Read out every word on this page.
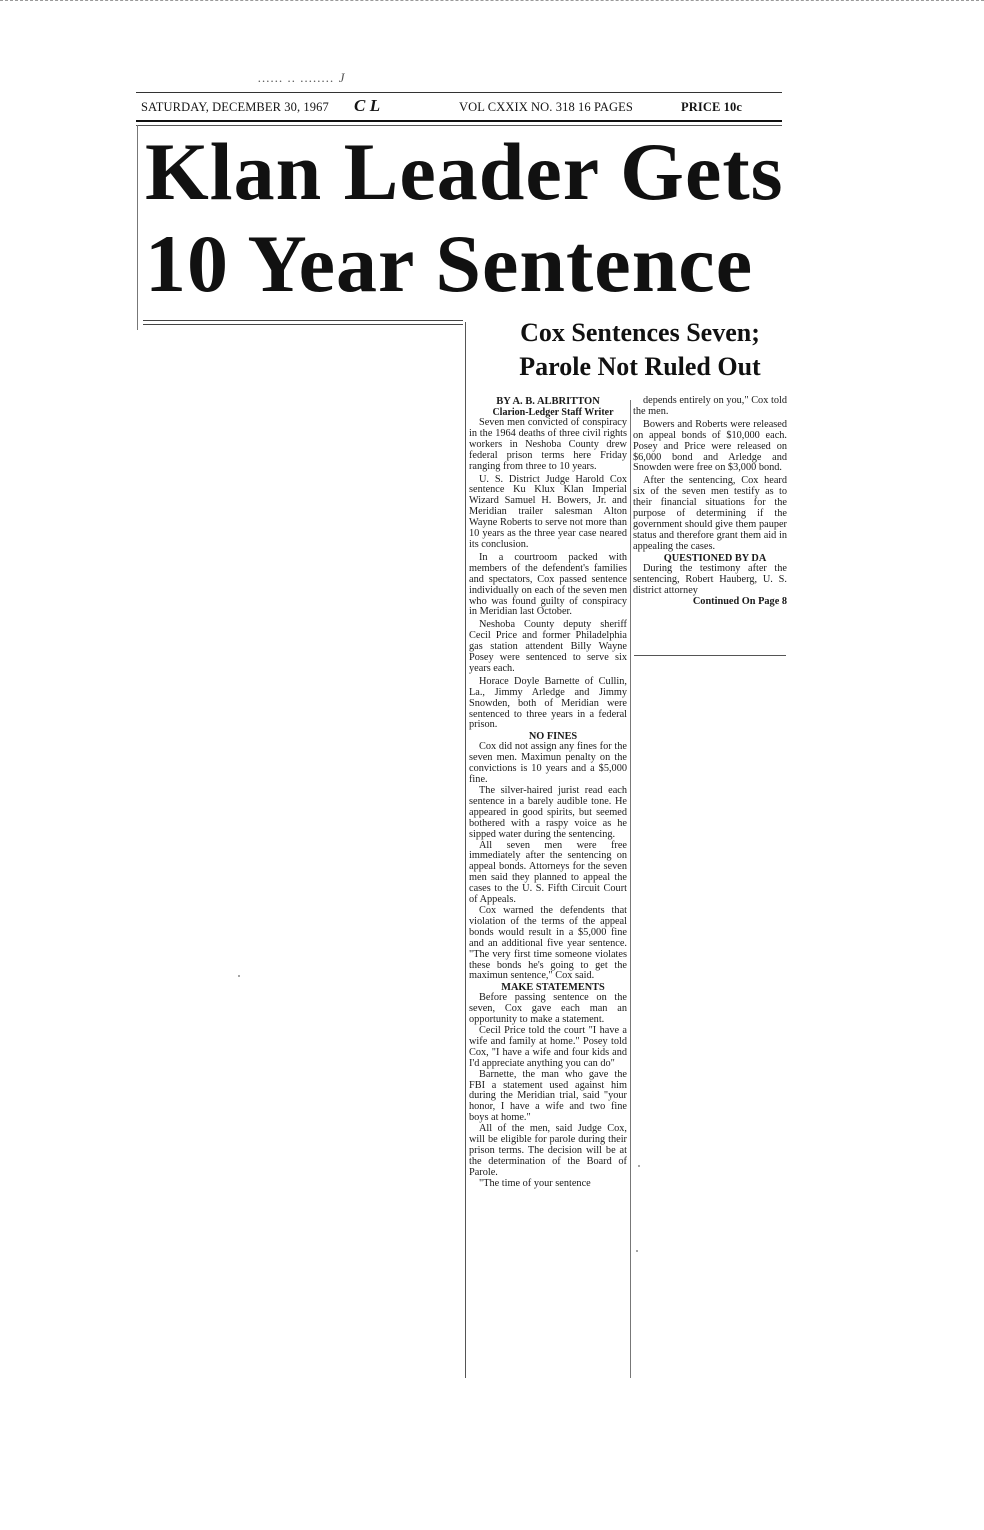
...... .. ........ J
SATURDAY, DECEMBER 30, 1967 C L	VOL CXXIX NO. 318 16 PAGES	PRICE 10c
Klan Leader Gets
10 Year Sentence
Cox Sentences Seven;
Parole Not Ruled Out

BY A. B. ALBRITTON

Clarion-Ledger Staff Writer

Seven men convicted of conspiracy in the 1964 deaths of three civil rights workers in Neshoba County drew federal prison terms here Friday ranging from three to 10 years.

U. S. District Judge Harold Cox sentence Ku Klux Klan Imperial Wizard Samuel H. Bowers, Jr. and Meridian trailer salesman Alton Wayne Roberts to serve not more than 10 years as the three year case neared its conclusion.

In a courtroom packed with members of the defendent's families and spectators, Cox passed sentence individually on each of the seven men who was found guilty of conspiracy in Meridian last October.

Neshoba County deputy sheriff Cecil Price and former Philadelphia gas station attendent Billy Wayne Posey were sentenced to serve six years each.

Horace Doyle Barnette of Cullin, La., Jimmy Arledge and Jimmy Snowden, both of Meridian were sentenced to three years in a federal prison.

NO FINES

Cox did not assign any fines for the seven men. Maximun penalty on the convictions is 10 years and a $5,000 fine.

The silver-haired jurist read each sentence in a barely audible tone. He appeared in good spirits, but seemed bothered with a raspy voice as he sipped water during the sentencing.

All seven men were free immediately after the sentencing on appeal bonds. Attorneys for the seven men said they planned to appeal the cases to the U. S. Fifth Circuit Court of Appeals.

Cox warned the defendents that violation of the terms of the appeal bonds would result in a $5,000 fine and an additional five year sentence. "The very first time someone violates these bonds he's going to get the maximun sentence," Cox said.

MAKE STATEMENTS

Before passing sentence on the seven, Cox gave each man an opportunity to make a statement.

Cecil Price told the court "I have a wife and family at home." Posey told Cox, "I have a wife and four kids and I'd appreciate anything you can do"

Barnette, the man who gave the FBI a statement used against him during the Meridian trial, said "your honor, I have a wife and two fine boys at home."

All of the men, said Judge Cox, will be eligible for parole during their prison terms. The decision will be at the determination of the Board of Parole.

"The time of your sentence

depends entirely on you," Cox told the men.

Bowers and Roberts were released on appeal bonds of $10,000 each. Posey and Price were released on $6,000 bond and Arledge and Snowden were free on $3,000 bond.

After the sentencing, Cox heard six of the seven men testify as to their financial situations for the purpose of determining if the government should give them pauper status and therefore grant them aid in appealing the cases.

QUESTIONED BY DA

During the testimony after the sentencing, Robert Hauberg, U. S. district attorney

Continued On Page 8
